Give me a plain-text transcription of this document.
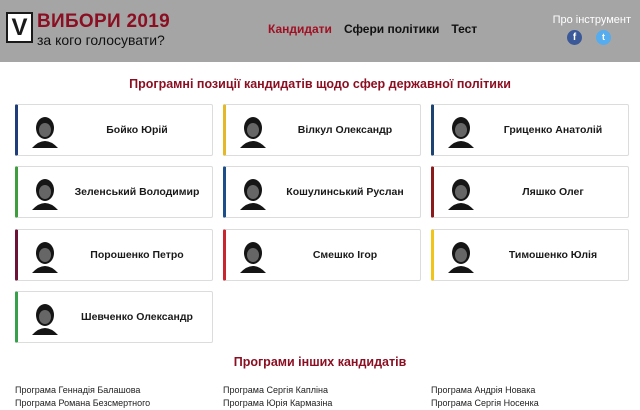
V ВИБОРИ 2019
за кого голосувати?
Кандидати Сфери політики Тест
Про інструмент
f	t
Програмні позиції кандидатів щодо сфер державної політики
Бойко Юрій	Вілкул Олександр	Гриценко Анатолій
Зеленський Володимир	Кошулинський Руслан	Ляшко Олег
Порошенко Петро	Смешко Ігор	Тимошенко Юлія
Шевченко Олександр
Програми інших кандидатів
Програма Геннадія Балашова	Програма Сергія Капліна	Програма Андрія Новака
Програма Романа Безсмертного	Програма Юрія Кармазіна	Програма Сергія Носенка
